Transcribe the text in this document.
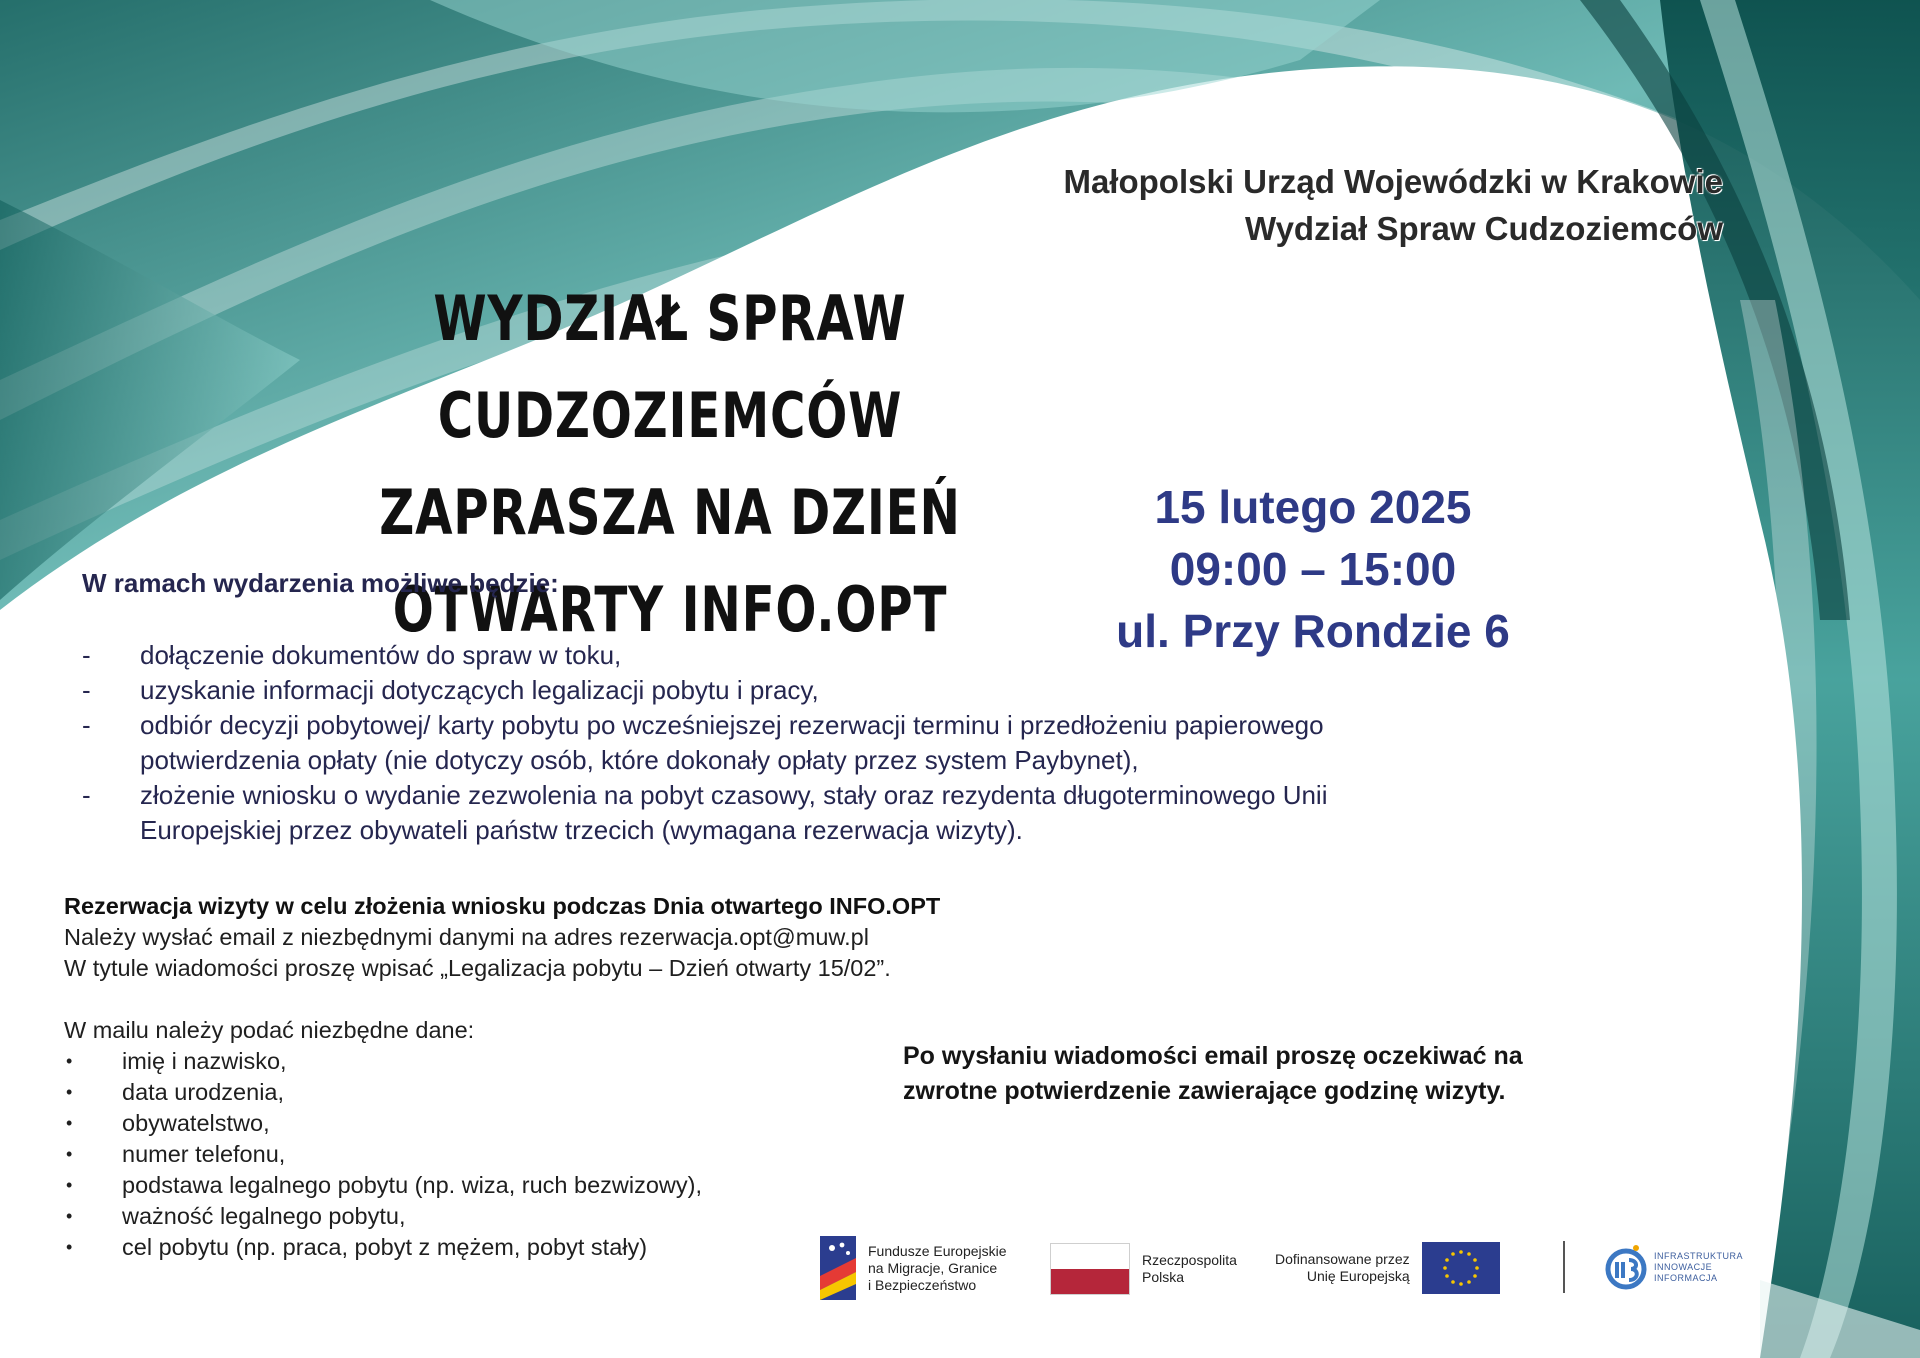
Małopolski Urząd Wojewódzki w Krakowie
Wydział Spraw Cudzoziemców
WYDZIAŁ SPRAW CUDZOZIEMCÓW
ZAPRASZA NA DZIEŃ OTWARTY INFO.OPT
15 lutego 2025
09:00 – 15:00
ul. Przy Rondzie 6
W ramach wydarzenia możliwe będzie:
- dołączenie dokumentów do spraw w toku,
- uzyskanie informacji dotyczących legalizacji pobytu i pracy,
- odbiór decyzji pobytowej/ karty pobytu po wcześniejszej rezerwacji terminu i przedłożeniu papierowego potwierdzenia opłaty (nie dotyczy osób, które dokonały opłaty przez system Paybynet),
- złożenie wniosku o wydanie zezwolenia na pobyt czasowy, stały oraz rezydenta długoterminowego Unii Europejskiej przez obywateli państw trzecich (wymagana rezerwacja wizyty).
Rezerwacja wizyty w celu złożenia wniosku podczas Dnia otwartego INFO.OPT
Należy wysłać email z niezbędnymi danymi na adres rezerwacja.opt@muw.pl
W tytule wiadomości proszę wpisać „Legalizacja pobytu – Dzień otwarty 15/02”.
W mailu należy podać niezbędne dane:
• imię i nazwisko,
• data urodzenia,
• obywatelstwo,
• numer telefonu,
• podstawa legalnego pobytu (np. wiza, ruch bezwizowy),
• ważność legalnego pobytu,
• cel pobytu (np. praca, pobyt z mężem, pobyt stały)
Po wysłaniu wiadomości email proszę oczekiwać na
zwrotne potwierdzenie zawierające godzinę wizyty.
Fundusze Europejskie
na Migracje, Granice
i Bezpieczeństwo
Rzeczpospolita
Polska
Dofinansowane przez
Unię Europejską
INFRASTRUKTURA
INNOWACJE
INFORMACJA
